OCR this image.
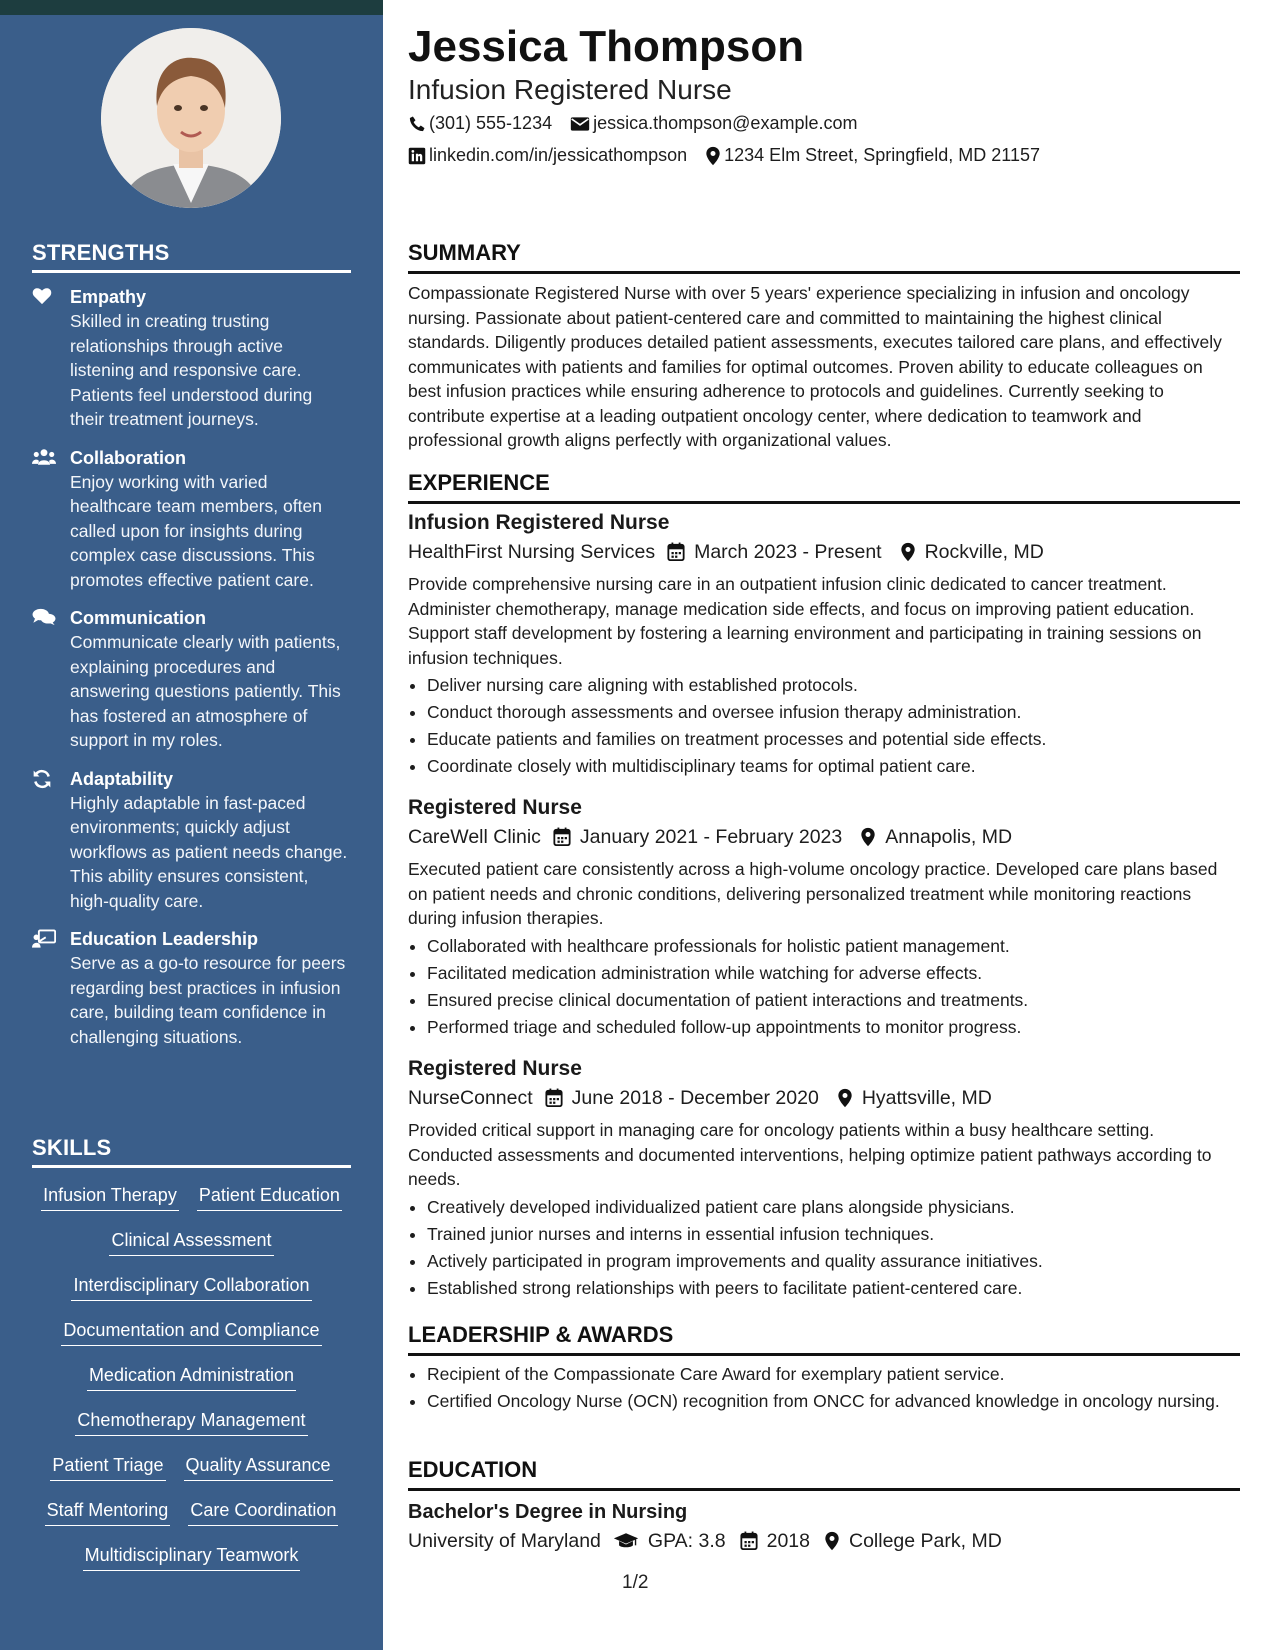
STRENGTHS
Empathy
Skilled in creating trusting relationships through active listening and responsive care. Patients feel understood during their treatment journeys.
Collaboration
Enjoy working with varied healthcare team members, often called upon for insights during complex case discussions. This promotes effective patient care.
Communication
Communicate clearly with patients, explaining procedures and answering questions patiently. This has fostered an atmosphere of support in my roles.
Adaptability
Highly adaptable in fast-paced environments; quickly adjust workflows as patient needs change. This ability ensures consistent, high-quality care.
Education Leadership
Serve as a go-to resource for peers regarding best practices in infusion care, building team confidence in challenging situations.
SKILLS
Infusion Therapy Patient Education
Clinical Assessment
Interdisciplinary Collaboration
Documentation and Compliance
Medication Administration
Chemotherapy Management
Patient Triage Quality Assurance
Staff Mentoring Care Coordination
Multidisciplinary Teamwork
Jessica Thompson
Infusion Registered Nurse
(301) 555-1234 jessica.thompson@example.com
linkedin.com/in/jessicathompson 1234 Elm Street, Springfield, MD 21157
SUMMARY

Compassionate Registered Nurse with over 5 years' experience specializing in infusion and oncology nursing. Passionate about patient-centered care and committed to maintaining the highest clinical standards. Diligently produces detailed patient assessments, executes tailored care plans, and effectively communicates with patients and families for optimal outcomes. Proven ability to educate colleagues on best infusion practices while ensuring adherence to protocols and guidelines. Currently seeking to contribute expertise at a leading outpatient oncology center, where dedication to teamwork and professional growth aligns perfectly with organizational values.

EXPERIENCE
Infusion Registered Nurse
HealthFirst Nursing Services March 2023 - Present Rockville, MD

Provide comprehensive nursing care in an outpatient infusion clinic dedicated to cancer treatment. Administer chemotherapy, manage medication side effects, and focus on improving patient education. Support staff development by fostering a learning environment and participating in training sessions on infusion techniques.

• Deliver nursing care aligning with established protocols.
• Conduct thorough assessments and oversee infusion therapy administration.
• Educate patients and families on treatment processes and potential side effects.
• Coordinate closely with multidisciplinary teams for optimal patient care.
Registered Nurse
CareWell Clinic January 2021 - February 2023 Annapolis, MD

Executed patient care consistently across a high-volume oncology practice. Developed care plans based on patient needs and chronic conditions, delivering personalized treatment while monitoring reactions during infusion therapies.

• Collaborated with healthcare professionals for holistic patient management.
• Facilitated medication administration while watching for adverse effects.
• Ensured precise clinical documentation of patient interactions and treatments.
• Performed triage and scheduled follow-up appointments to monitor progress.
Registered Nurse
NurseConnect June 2018 - December 2020 Hyattsville, MD

Provided critical support in managing care for oncology patients within a busy healthcare setting. Conducted assessments and documented interventions, helping optimize patient pathways according to needs.

• Creatively developed individualized patient care plans alongside physicians.
• Trained junior nurses and interns in essential infusion techniques.
• Actively participated in program improvements and quality assurance initiatives.
• Established strong relationships with peers to facilitate patient-centered care.
LEADERSHIP & AWARDS
• Recipient of the Compassionate Care Award for exemplary patient service.
• Certified Oncology Nurse (OCN) recognition from ONCC for advanced knowledge in oncology nursing.
EDUCATION
Bachelor's Degree in Nursing
University of Maryland GPA: 3.8 2018 College Park, MD
1/2
